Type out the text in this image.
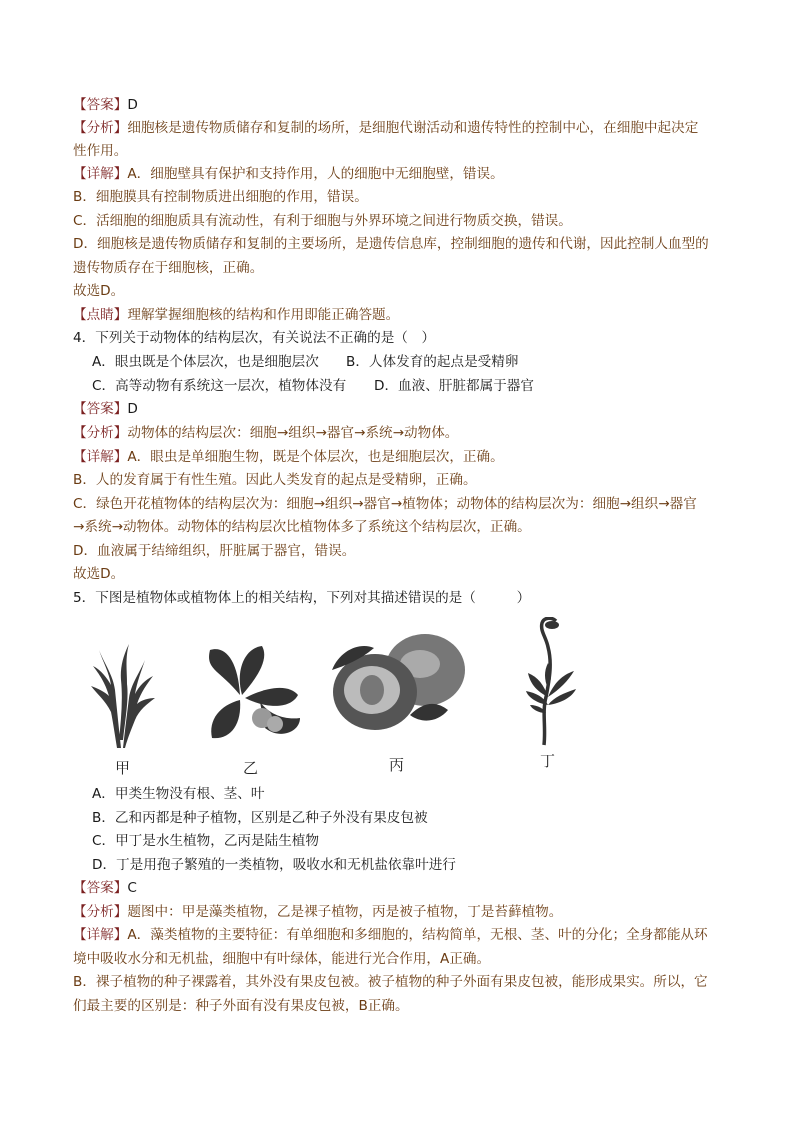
【答案】D
【分析】细胞核是遗传物质储存和复制的场所，是细胞代谢活动和遗传特性的控制中心，在细胞中起决定
性作用。
【详解】A．细胞壁具有保护和支持作用，人的细胞中无细胞壁，错误。
B．细胞膜具有控制物质进出细胞的作用，错误。
C．活细胞的细胞质具有流动性，有利于细胞与外界环境之间进行物质交换，错误。
D．细胞核是遗传物质储存和复制的主要场所，是遗传信息库，控制细胞的遗传和代谢，因此控制人血型的
遗传物质存在于细胞核，正确。
故选D。
【点睛】理解掌握细胞核的结构和作用即能正确答题。
4．下列关于动物体的结构层次，有关说法不正确的是（　）
A．眼虫既是个体层次，也是细胞层次 B．人体发育的起点是受精卵
C．高等动物有系统这一层次，植物体没有 D．血液、肝脏都属于器官
【答案】D
【分析】动物体的结构层次：细胞→组织→器官→系统→动物体。
【详解】A．眼虫是单细胞生物，既是个体层次，也是细胞层次，正确。
B．人的发育属于有性生殖。因此人类发育的起点是受精卵，正确。
C．绿色开花植物体的结构层次为：细胞→组织→器官→植物体；动物体的结构层次为：细胞→组织→器官
→系统→动物体。动物体的结构层次比植物体多了系统这个结构层次，正确。
D．血液属于结缔组织，肝脏属于器官，错误。
故选D。
5．下图是植物体或植物体上的相关结构，下列对其描述错误的是（　　　）
甲	乙	丙	丁
A．甲类生物没有根、茎、叶
B．乙和丙都是种子植物，区别是乙种子外没有果皮包被
C．甲丁是水生植物，乙丙是陆生植物
D．丁是用孢子繁殖的一类植物，吸收水和无机盐依靠叶进行
【答案】C
【分析】题图中：甲是藻类植物，乙是裸子植物，丙是被子植物，丁是苔藓植物。
【详解】A．藻类植物的主要特征：有单细胞和多细胞的，结构简单，无根、茎、叶的分化；全身都能从环
境中吸收水分和无机盐，细胞中有叶绿体，能进行光合作用，A正确。
B．裸子植物的种子裸露着，其外没有果皮包被。被子植物的种子外面有果皮包被，能形成果实。所以，它
们最主要的区别是：种子外面有没有果皮包被，B正确。
